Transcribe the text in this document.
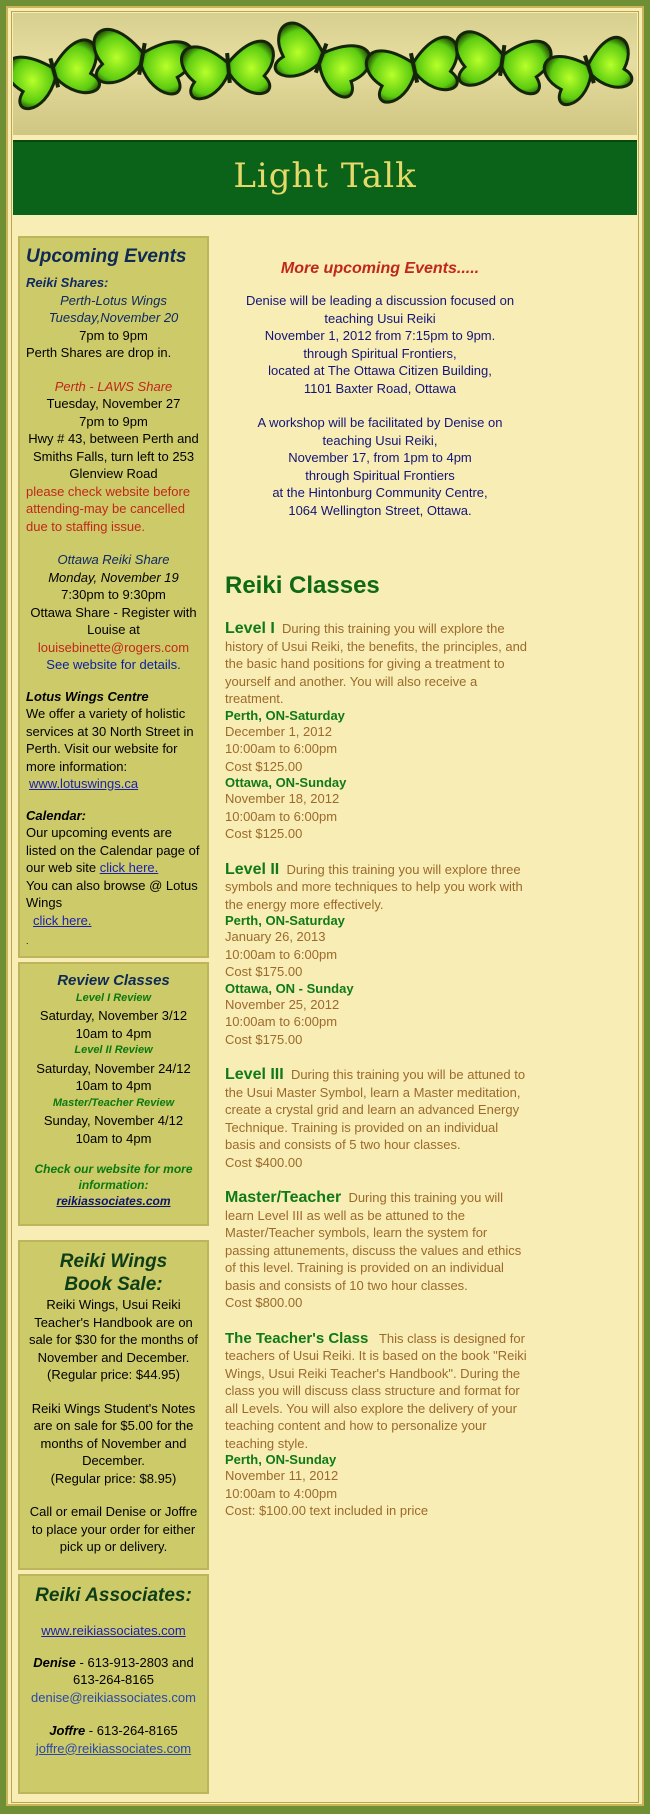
Light Talk
Upcoming Events
Reiki Shares:
Perth-Lotus Wings
Tuesday,November 20
7pm to 9pm
Perth Shares are drop in.
Perth - LAWS Share
Tuesday, November 27
7pm to 9pm
Hwy # 43, between Perth and Smiths Falls, turn left to 253 Glenview Road
please check website before attending-may be cancelled due to staffing issue.
Ottawa Reiki Share
Monday, November 19
7:30pm to 9:30pm
Ottawa Share - Register with Louise at
louisebinette@rogers.com
See website for details.
Lotus Wings Centre
We offer a variety of holistic services at 30 North Street in Perth. Visit our website for more information:
www.lotuswings.ca
Calendar:
Our upcoming events are listed on the Calendar page of our web site click here.
You can also browse @ Lotus Wings
click here.
.
Review Classes
Level I Review
Saturday, November 3/12
10am to 4pm
Level II Review
Saturday, November 24/12
10am to 4pm
Master/Teacher Review
Sunday, November 4/12
10am to 4pm
Check our website for more information:
reikiassociates.com
Reiki Wings
Book Sale:
Reiki Wings, Usui Reiki Teacher's Handbook are on sale for $30 for the months of November and December.
(Regular price: $44.95)
Reiki Wings Student's Notes are on sale for $5.00 for the months of November and December.
(Regular price: $8.95)
Call or email Denise or Joffre to place your order for either pick up or delivery.
Reiki Associates:
www.reikiassociates.com
Denise - 613-913-2803 and 613-264-8165
denise@reikiassociates.com
Joffre - 613-264-8165
joffre@reikiassociates.com
More upcoming Events.....
Denise will be leading a discussion focused on
teaching Usui Reiki
November 1, 2012 from 7:15pm to 9pm.
through Spiritual Frontiers,
located at The Ottawa Citizen Building,
1101 Baxter Road, Ottawa
A workshop will be facilitated by Denise on
teaching Usui Reiki,
November 17, from 1pm to 4pm
through Spiritual Frontiers
at the Hintonburg Community Centre,
1064 Wellington Street, Ottawa.
Reiki Classes
Level I During this training you will explore the history of Usui Reiki, the benefits, the principles, and the basic hand positions for giving a treatment to yourself and another. You will also receive a treatment.
Perth, ON-Saturday
December 1, 2012
10:00am to 6:00pm
Cost $125.00
Ottawa, ON-Sunday
November 18, 2012
10:00am to 6:00pm
Cost $125.00
Level II During this training you will explore three symbols and more techniques to help you work with the energy more effectively.
Perth, ON-Saturday
January 26, 2013
10:00am to 6:00pm
Cost $175.00
Ottawa, ON - Sunday
November 25, 2012
10:00am to 6:00pm
Cost $175.00
Level III During this training you will be attuned to the Usui Master Symbol, learn a Master meditation, create a crystal grid and learn an advanced Energy Technique. Training is provided on an individual basis and consists of 5 two hour classes.
Cost $400.00
Master/Teacher During this training you will learn Level III as well as be attuned to the Master/Teacher symbols, learn the system for passing attunements, discuss the values and ethics of this level. Training is provided on an individual basis and consists of 10 two hour classes.
Cost $800.00
The Teacher's Class This class is designed for teachers of Usui Reiki. It is based on the book "Reiki Wings, Usui Reiki Teacher's Handbook". During the class you will discuss class structure and format for all Levels. You will also explore the delivery of your teaching content and how to personalize your teaching style.
Perth, ON-Sunday
November 11, 2012
10:00am to 4:00pm
Cost: $100.00 text included in price
